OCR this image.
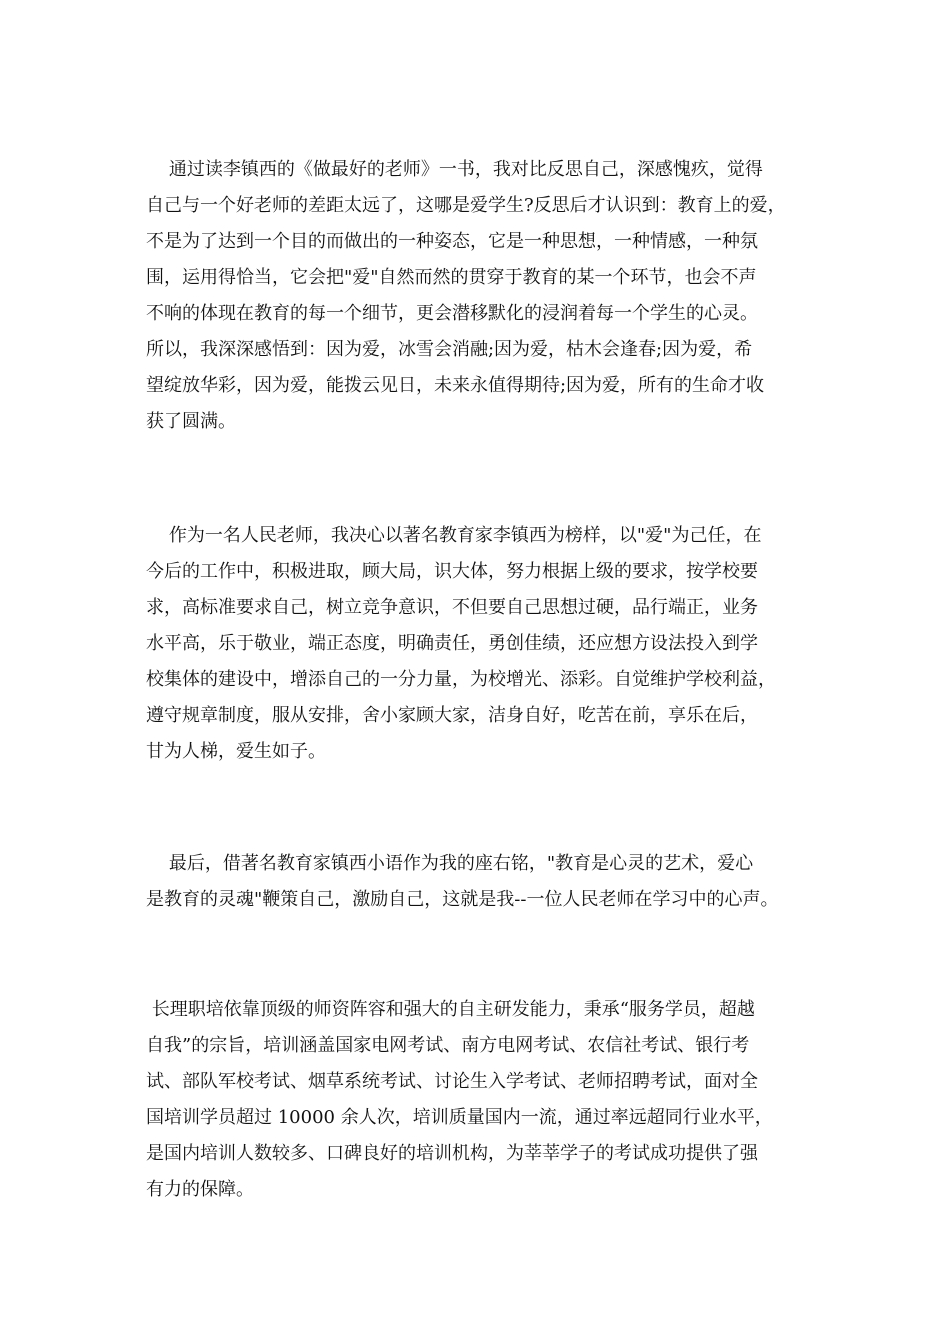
通过读李镇西的《做最好的老师》一书，我对比反思自己，深感愧疚，觉得
自己与一个好老师的差距太远了，这哪是爱学生?反思后才认识到：教育上的爱，
不是为了达到一个目的而做出的一种姿态，它是一种思想，一种情感，一种氛
围，运用得恰当，它会把"爱"自然而然的贯穿于教育的某一个环节，也会不声
不响的体现在教育的每一个细节，更会潜移默化的浸润着每一个学生的心灵。
所以，我深深感悟到：因为爱，冰雪会消融;因为爱，枯木会逢春;因为爱，希
望绽放华彩，因为爱，能拨云见日，未来永值得期待;因为爱，所有的生命才收
获了圆满。
作为一名人民老师，我决心以著名教育家李镇西为榜样，以"爱"为己任，在
今后的工作中，积极进取，顾大局，识大体，努力根据上级的要求，按学校要
求，高标准要求自己，树立竞争意识，不但要自己思想过硬，品行端正，业务
水平高，乐于敬业，端正态度，明确责任，勇创佳绩，还应想方设法投入到学
校集体的建设中，增添自己的一分力量，为校增光、添彩。自觉维护学校利益，
遵守规章制度，服从安排，舍小家顾大家，洁身自好，吃苦在前，享乐在后，
甘为人梯，爱生如子。
最后，借著名教育家镇西小语作为我的座右铭，"教育是心灵的艺术，爱心
是教育的灵魂"鞭策自己，激励自己，这就是我--一位人民老师在学习中的心声。
长理职培依靠顶级的师资阵容和强大的自主研发能力，秉承“服务学员，超越
自我”的宗旨，培训涵盖国家电网考试、南方电网考试、农信社考试、银行考
试、部队军校考试、烟草系统考试、讨论生入学考试、老师招聘考试，面对全
国培训学员超过 10000 余人次，培训质量国内一流，通过率远超同行业水平，
是国内培训人数较多、口碑良好的培训机构，为莘莘学子的考试成功提供了强
有力的保障。
